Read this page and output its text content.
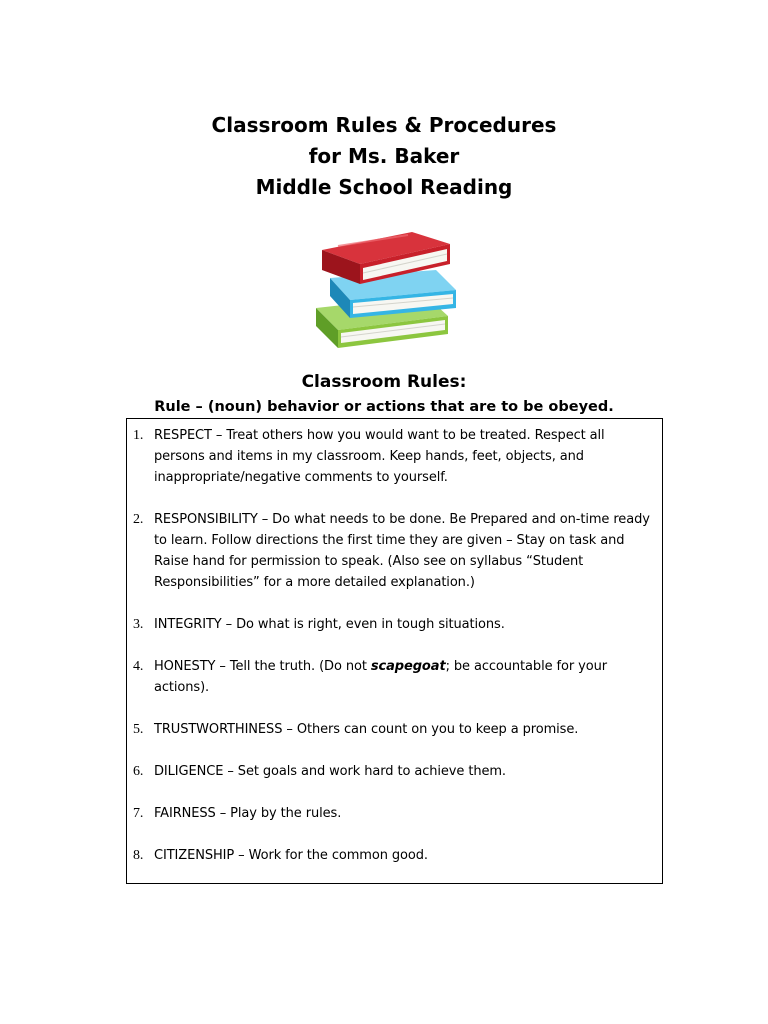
Classroom Rules & Procedures
for Ms. Baker
Middle School Reading
Classroom Rules:
Rule – (noun) behavior or actions that are to be obeyed.
1. RESPECT – Treat others how you would want to be treated. Respect all persons and items in my classroom. Keep hands, feet, objects, and inappropriate/negative comments to yourself.
2. RESPONSIBILITY – Do what needs to be done. Be Prepared and on-time ready to learn. Follow directions the first time they are given – Stay on task and Raise hand for permission to speak. (Also see on syllabus “Student Responsibilities” for a more detailed explanation.)
3. INTEGRITY – Do what is right, even in tough situations.
4. HONESTY – Tell the truth. (Do not scapegoat; be accountable for your actions).
5. TRUSTWORTHINESS – Others can count on you to keep a promise.
6. DILIGENCE – Set goals and work hard to achieve them.
7. FAIRNESS – Play by the rules.
8. CITIZENSHIP – Work for the common good.
